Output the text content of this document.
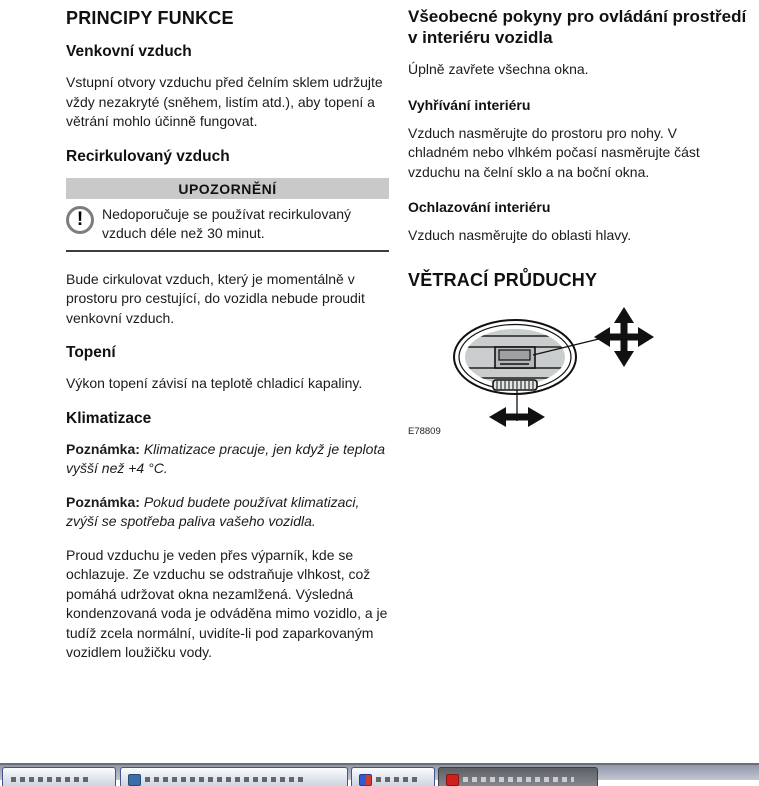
PRINCIPY FUNKCE
Venkovní vzduch

Vstupní otvory vzduchu před čelním sklem udržujte vždy nezakryté (sněhem, listím atd.), aby topení a větrání mohlo účinně fungovat.

Recirkulovaný vzduch
UPOZORNĚNÍ
!	Nedoporučuje se používat recirkulovaný vzduch déle než 30 minut.

Bude cirkulovat vzduch, který je momentálně v prostoru pro cestující, do vozidla nebude proudit venkovní vzduch.

Topení

Výkon topení závisí na teplotě chladicí kapaliny.

Klimatizace

Poznámka: Klimatizace pracuje, jen když je teplota vyšší než +4 °C.

Poznámka: Pokud budete používat klimatizaci, zvýší se spotřeba paliva vašeho vozidla.

Proud vzduchu je veden přes výparník, kde se ochlazuje. Ze vzduchu se odstraňuje vlhkost, což pomáhá udržovat okna nezamlžená. Výsledná kondenzovaná voda je odváděna mimo vozidlo, a je tudíž zcela normální, uvidíte-li pod zaparkovaným vozidlem loužičku vody.

Všeobecné pokyny pro ovládání prostředí v interiéru vozidla

Úplně zavřete všechna okna.

Vyhřívání interiéru

Vzduch nasměrujte do prostoru pro nohy. V chladném nebo vlhkém počasí nasměrujte část vzduchu na čelní sklo a na boční okna.

Ochlazování interiéru

Vzduch nasměrujte do oblasti hlavy.

VĚTRACÍ PRŮDUCHY
E78809
